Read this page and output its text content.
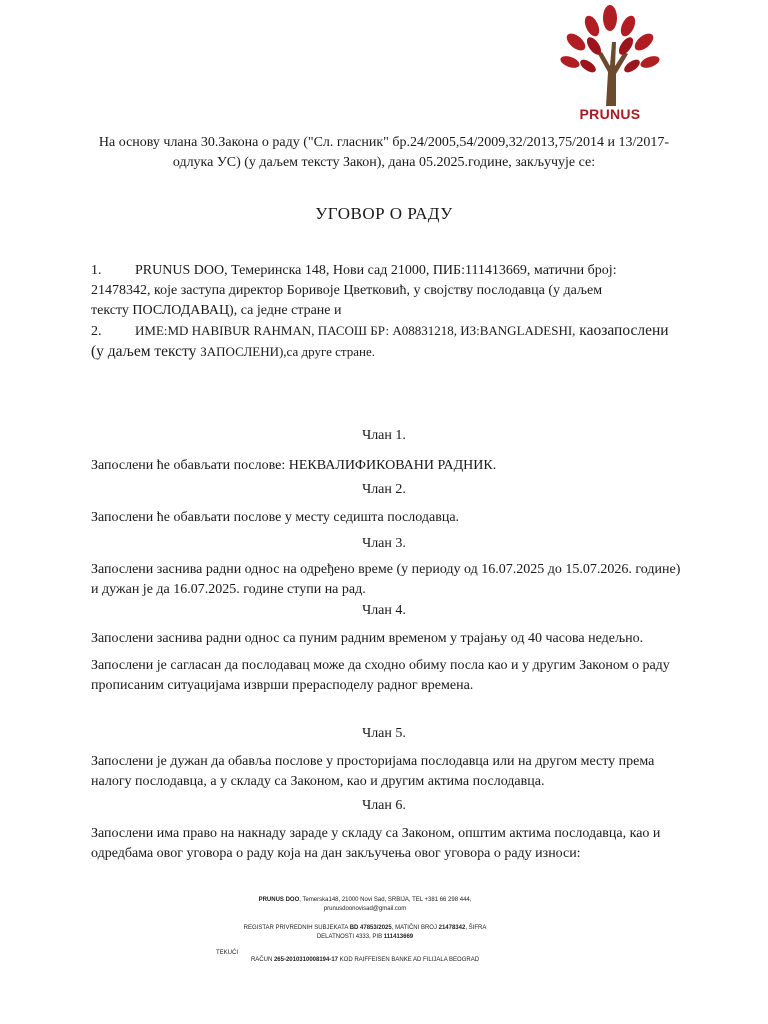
PRUNUS
На основу члана 30.Закона о раду ("Сл. гласник" бр.24/2005,54/2009,32/2013,75/2014 и 13/2017-
одлука УС) (у даљем тексту Закон), дана 05.2025.године, закључује се:
УГОВОР О РАДУ
1. PRUNUS DOO, Темеринска 148, Нови сад 21000, ПИБ:111413669, матични број:
21478342, које заступа директор Боривоје Цветковић, у својству послодавца (у даљем
тексту ПОСЛОДАВАЦ), са једне стране и
2.	ИМЕ:MD HABIBUR RAHMAN, ПАСОШ БР: A08831218, ИЗ:BANGLADESHI, каозапослени
(у даљем тексту ЗАПОСЛЕНИ),са друге стране.
Члан 1.
Запослени ће обављати послове: НЕКВАЛИФИКОВАНИ РАДНИК.
Члан 2.
Запослени ће обављати послове у месту седишта послодавца.
Члан 3.
Запослени заснива радни однос на одређено време (у периоду од 16.07.2025 до 15.07.2026. године)
и дужан је да 16.07.2025. године ступи на рад.
Члан 4.
Запослени заснива радни однос са пуним радним временом у трајању од 40 часова недељно.
Запослени је сагласан да послодавац може да сходно обиму посла као и у другим Законом о раду
прописаним ситуацијама изврши прерасподелу радног времена.
Члан 5.
Запослени је дужан да обавља послове у просторијама послодавца или на другом месту према
налогу послодавца, а у складу са Законом, као и другим актима послодавца.
Члан 6.
Запослени има право на накнаду зараде у складу са Законом, општим актима послодавца, као и
одредбама овог уговора о раду која на дан закључења овог уговора о раду износи:
PRUNUS DOO, Temerska148, 21000 Novi Sad, SRBIJA, TEL +381 66 298 444,
prunusdoonovisad@gmail.com
REGISTAR PRIVREDNIH SUBJEKATA BD 47853/2025, MATIČNI BROJ 21478342, ŠIFRA
DELATNOSTI 4333, PIB 111413669
TEKUĆI
RAČUN 265-2010310008194-17 KOD RAIFFEISEN BANKE AD FILIJALA BEOGRAD
